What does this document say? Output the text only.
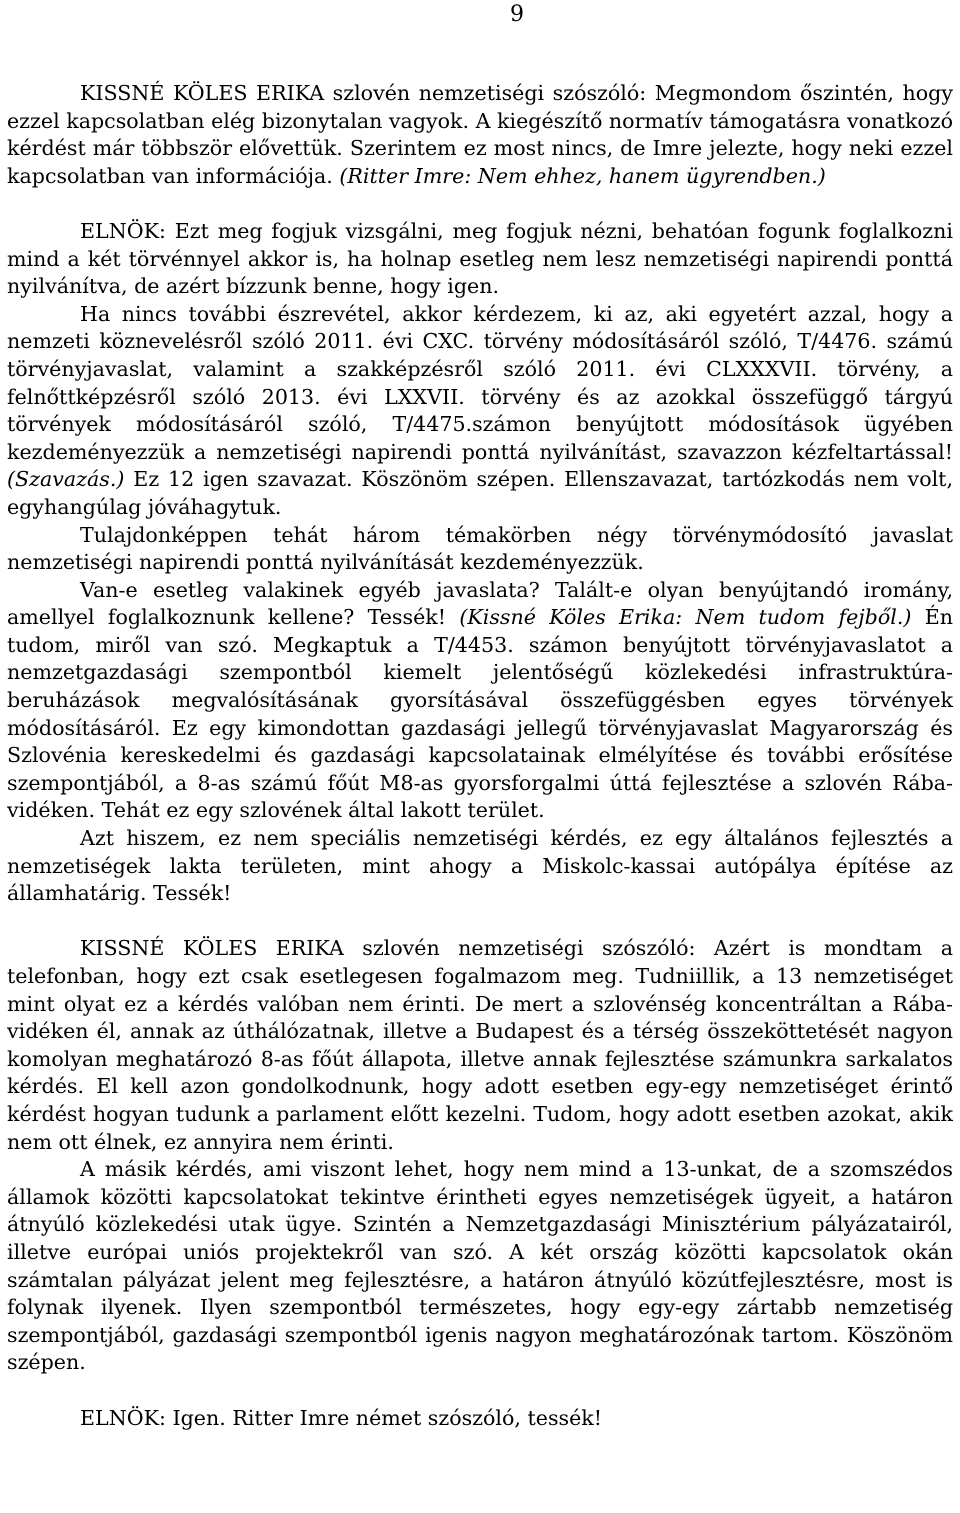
9

KISSNÉ KÖLES ERIKA szlovén nemzetiségi szószóló: Megmondom őszintén, hogy ezzel kapcsolatban elég bizonytalan vagyok. A kiegészítő normatív támogatásra vonatkozó kérdést már többször elővettük. Szerintem ez most nincs, de Imre jelezte, hogy neki ezzel kapcsolatban van információja. (Ritter Imre: Nem ehhez, hanem ügyrendben.)

ELNÖK: Ezt meg fogjuk vizsgálni, meg fogjuk nézni, behatóan fogunk foglalkozni mind a két törvénnyel akkor is, ha holnap esetleg nem lesz nemzetiségi napirendi ponttá nyilvánítva, de azért bízzunk benne, hogy igen.

Ha nincs további észrevétel, akkor kérdezem, ki az, aki egyetért azzal, hogy a nemzeti köznevelésről szóló 2011. évi CXC. törvény módosításáról szóló, T/4476. számú törvényjavaslat, valamint a szakképzésről szóló 2011. évi CLXXXVII. törvény, a felnőttképzésről szóló 2013. évi LXXVII. törvény és az azokkal összefüggő tárgyú törvények módosításáról szóló, T/4475.számon benyújtott módosítások ügyében kezdeményezzük a nemzetiségi napirendi ponttá nyilvánítást, szavazzon kézfeltartással! (Szavazás.) Ez 12 igen szavazat. Köszönöm szépen. Ellenszavazat, tartózkodás nem volt, egyhangúlag jóváhagytuk.

Tulajdonképpen tehát három témakörben négy törvénymódosító javaslat nemzetiségi napirendi ponttá nyilvánítását kezdeményezzük.

Van-e esetleg valakinek egyéb javaslata? Talált-e olyan benyújtandó iromány, amellyel foglalkoznunk kellene? Tessék! (Kissné Köles Erika: Nem tudom fejből.) Én tudom, miről van szó. Megkaptuk a T/4453. számon benyújtott törvényjavaslatot a nemzetgazdasági szempontból kiemelt jelentőségű közlekedési infrastruktúra-beruházások megvalósításának gyorsításával összefüggésben egyes törvények módosításáról. Ez egy kimondottan gazdasági jellegű törvényjavaslat Magyarország és Szlovénia kereskedelmi és gazdasági kapcsolatainak elmélyítése és további erősítése szempontjából, a 8-as számú főút M8-as gyorsforgalmi úttá fejlesztése a szlovén Rába-vidéken. Tehát ez egy szlovének által lakott terület.

Azt hiszem, ez nem speciális nemzetiségi kérdés, ez egy általános fejlesztés a nemzetiségek lakta területen, mint ahogy a Miskolc-kassai autópálya építése az államhatárig. Tessék!

KISSNÉ KÖLES ERIKA szlovén nemzetiségi szószóló: Azért is mondtam a telefonban, hogy ezt csak esetlegesen fogalmazom meg. Tudniillik, a 13 nemzetiséget mint olyat ez a kérdés valóban nem érinti. De mert a szlovénség koncentráltan a Rába-vidéken él, annak az úthálózatnak, illetve a Budapest és a térség összeköttetését nagyon komolyan meghatározó 8-as főút állapota, illetve annak fejlesztése számunkra sarkalatos kérdés. El kell azon gondolkodnunk, hogy adott esetben egy-egy nemzetiséget érintő kérdést hogyan tudunk a parlament előtt kezelni. Tudom, hogy adott esetben azokat, akik nem ott élnek, ez annyira nem érinti.

A másik kérdés, ami viszont lehet, hogy nem mind a 13-unkat, de a szomszédos államok közötti kapcsolatokat tekintve érintheti egyes nemzetiségek ügyeit, a határon átnyúló közlekedési utak ügye. Szintén a Nemzetgazdasági Minisztérium pályázatairól, illetve európai uniós projektekről van szó. A két ország közötti kapcsolatok okán számtalan pályázat jelent meg fejlesztésre, a határon átnyúló közútfejlesztésre, most is folynak ilyenek. Ilyen szempontból természetes, hogy egy-egy zártabb nemzetiség szempontjából, gazdasági szempontból igenis nagyon meghatározónak tartom. Köszönöm szépen.

ELNÖK: Igen. Ritter Imre német szószóló, tessék!
